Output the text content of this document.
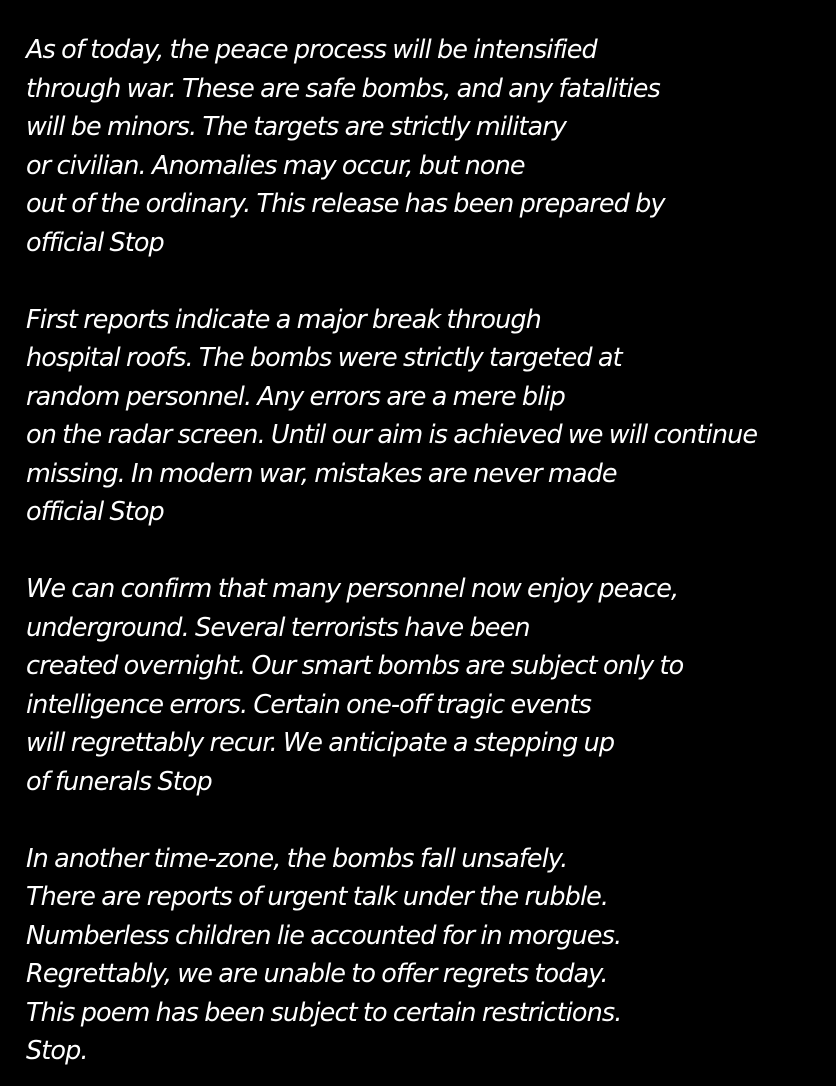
As of today, the peace process will be intensified
through war. These are safe bombs, and any fatalities
will be minors. The targets are strictly military
or civilian. Anomalies may occur, but none
out of the ordinary. This release has been prepared by
official Stop
First reports indicate a major break through
hospital roofs. The bombs were strictly targeted at
random personnel. Any errors are a mere blip
on the radar screen. Until our aim is achieved we will continue
missing. In modern war, mistakes are never made
official Stop
We can confirm that many personnel now enjoy peace,
underground. Several terrorists have been
created overnight. Our smart bombs are subject only to
intelligence errors. Certain one-off tragic events
will regrettably recur. We anticipate a stepping up
of funerals Stop
In another time-zone, the bombs fall unsafely.
There are reports of urgent talk under the rubble.
Numberless children lie accounted for in morgues.
Regrettably, we are unable to offer regrets today.
This poem has been subject to certain restrictions.
Stop.
